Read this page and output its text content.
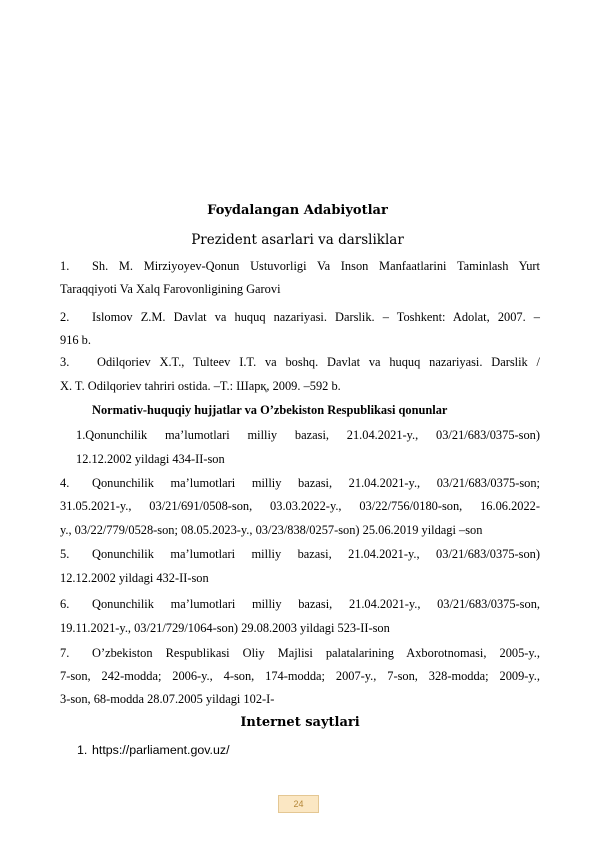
Foydalangan Adabiyotlar
Prezident asarlari va darsliklar
1. Sh. M. Mirziyoyev-Qonun Ustuvorligi Va Inson Manfaatlarini Taminlash Yurt
Taraqqiyoti Va Xalq Farovonligining Garovi
2. Islomov Z.M. Davlat va huquq nazariyasi. Darslik. – Toshkent: Adolat, 2007. –
916 b.
3. Odilqoriev X.T., Tulteev I.T. va boshq. Davlat va huquq nazariyasi. Darslik /
X. T. Odilqoriev tahriri ostida. –T.: Шарқ, 2009. –592 b.
Normativ-huquqiy hujjatlar va O’zbekiston Respublikasi qonunlar
1.Qonunchilik ma’lumotlari milliy bazasi, 21.04.2021-y., 03/21/683/0375-son)
12.12.2002 yildagi 434-II-son
4. Qonunchilik ma’lumotlari milliy bazasi, 21.04.2021-y., 03/21/683/0375-son;
31.05.2021-y., 03/21/691/0508-son, 03.03.2022-y., 03/22/756/0180-son, 16.06.2022-
y., 03/22/779/0528-son; 08.05.2023-y., 03/23/838/0257-son) 25.06.2019 yildagi –son
5. Qonunchilik ma’lumotlari milliy bazasi, 21.04.2021-y., 03/21/683/0375-son)
12.12.2002 yildagi 432-II-son
6. Qonunchilik ma’lumotlari milliy bazasi, 21.04.2021-y., 03/21/683/0375-son,
19.11.2021-y., 03/21/729/1064-son) 29.08.2003 yildagi 523-II-son
7. O’zbekiston Respublikasi Oliy Majlisi palatalarining Axborotnomasi, 2005-y.,
7-son, 242-modda; 2006-y., 4-son, 174-modda; 2007-y., 7-son, 328-modda; 2009-y.,
3-son, 68-modda 28.07.2005 yildagi 102-I-
Internet saytlari
1. https://parliament.gov.uz/
24
